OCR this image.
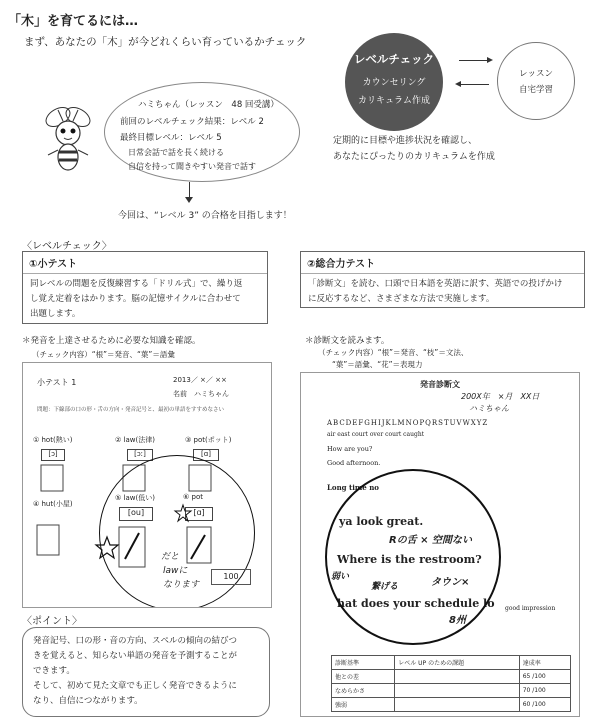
「木」を育てるには…
まず、あなたの「木」が今どれくらい育っているかチェック
レベルチェック
カウンセリング
カリキュラム作成
レッスン
自宅学習
定期的に目標や進捗状況を確認し、
あなたにぴったりのカリキュラムを作成
ハミちゃん（レッスン　48 回受講）
前回のレベルチェック結果：レベル 2
最終目標レベル：レベル 5
日常会話で話を長く続ける
自信を持って聞きやすい発音で話す
今回は、“レベル 3” の合格を目指します！
〈レベルチェック〉
①小テスト
同レベルの問題を反復練習する「ドリル式」で、繰り返
し覚え定着をはかります。脳の記憶サイクルに合わせて
出題します。
②総合力テスト
「診断文」を読む、口頭で日本語を英語に訳す、英語での投げかけ
に反応するなど、さまざまな方法で実施します。
＊発音を上達させるために必要な知識を確認。
（チェック内容）“根”＝発音、“葉”＝語彙
＊診断文を読みます。
（チェック内容）“根”＝発音、“枝”＝文法、
“葉”＝語彙、“花”＝表現力
小テスト 1	2013／ ×／ ××
名前　ハミちゃん
問題：下線部の口の形・舌の方向・発音記号と、最初の単語をすすめなさい
① hot(熱い)	② law(法律)	③ pot(ポット)
④ hut(小屋)
⑤ law(低い)	⑥ pot
[ɔ]	[ɔː]	[ɑ]
[ou]	[ɑ]
だと
lawに
なります
100
〈ポイント〉
発音記号、口の形・音の方向、スペルの傾向の結びつ
きを覚えると、知らない単語の発音を予測することが
できます。
そして、初めて見た文章でも正しく発音できるように
なり、自信につながります。
発音診断文
200X年　×月　XX日
ハミちゃん
ABCDEFGHIJKLMNOPQRSTUVWXYZ
air east court over court caught
How are you?
Good afternoon.
Long time no
ya look great.
Rの舌 × 空間ない
Where is the restroom?
弱い	タウン×
繋げる
hat does your schedule lo
8州
good impression
診断基準	レベル UP のための課題	達成率
他との差		65 /100
なめらかさ		70 /100
強弱		60 /100
